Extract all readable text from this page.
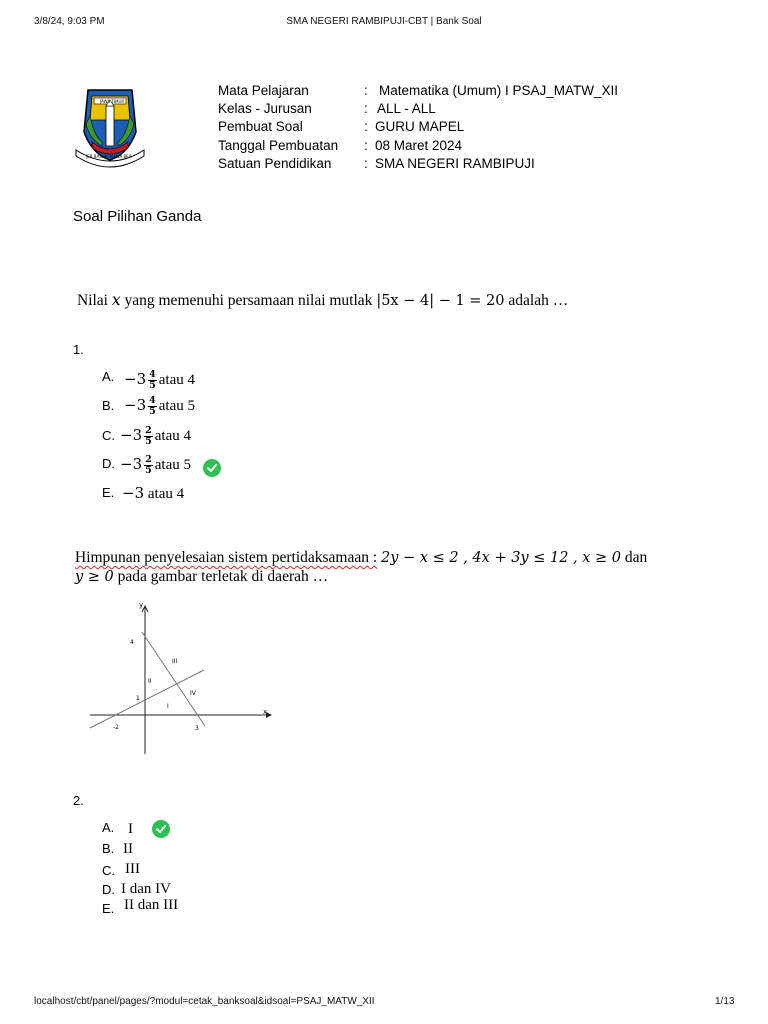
3/8/24, 9:03 PM	SMA NEGERI RAMBIPUJI-CBT | Bank Soal
JAWA TIMUR
JER BASUKI MAWA BEA
Mata Pelajaran	: Matematika (Umum) I PSAJ_MATW_XII
Kelas - Jurusan	: ALL - ALL
Pembuat Soal	: GURU MAPEL
Tanggal Pembuatan : 08 Maret 2024
Satuan Pendidikan : SMA NEGERI RAMBIPUJI
Soal Pilihan Ganda
Nilai x yang memenuhi persamaan nilai mutlak |5x − 4| − 1 = 20 adalah …
1.
A. $-3 \frac{4}{5}$ atau 4
B. $-3 \frac{4}{5}$ atau 5
C. $-3 \frac{2}{5}$ atau 4
D. $-3 \frac{2}{5}$ atau 5
E. −3 atau 4
Himpunan penyelesaian sistem pertidaksamaan : 2y − x ≤ 2 , 4x + 3y ≤ 12 , x ≥ 0 dan
y ≥ 0 pada gambar terletak di daerah …
y
x
4
1
-2	3
I
II
III
IV
2.
A. I
B. II
C. III
D. I dan IV
E. II dan III
localhost/cbt/panel/pages/?modul=cetak_banksoal&idsoal=PSAJ_MATW_XII	1/13
